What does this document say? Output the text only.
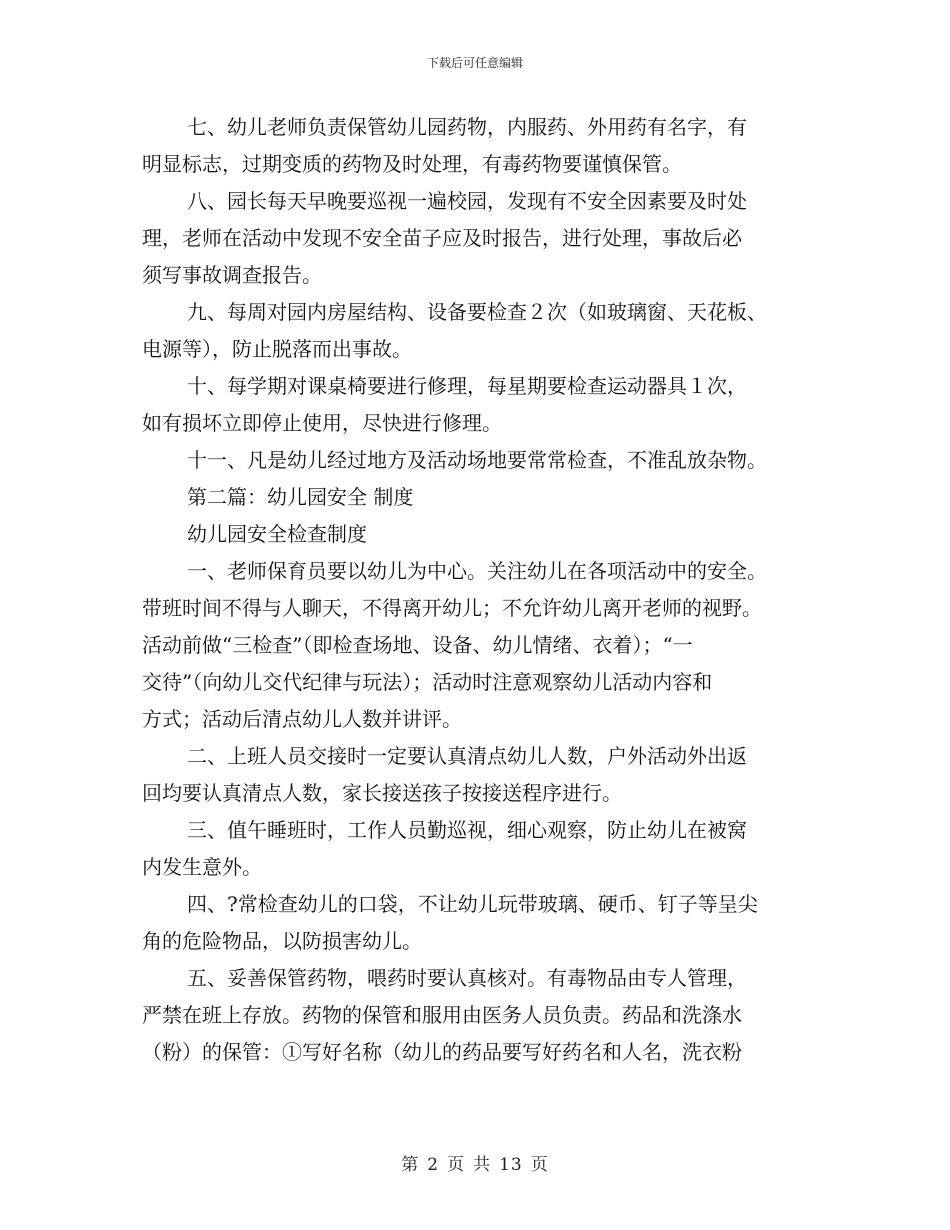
下载后可任意编辑
七、幼儿老师负责保管幼儿园药物，内服药、外用药有名字，有
明显标志，过期变质的药物及时处理，有毒药物要谨慎保管。
八、园长每天早晚要巡视一遍校园，发现有不安全因素要及时处
理，老师在活动中发现不安全苗子应及时报告，进行处理，事故后必
须写事故调查报告。
九、每周对园内房屋结构、设备要检查２次（如玻璃窗、天花板、
电源等），防止脱落而出事故。
十、每学期对课桌椅要进行修理，每星期要检查运动器具１次，
如有损坏立即停止使用，尽快进行修理。
十一、凡是幼儿经过地方及活动场地要常常检查，不准乱放杂物。
第二篇：幼儿园安全 制度
幼儿园安全检查制度
一、老师保育员要以幼儿为中心。关注幼儿在各项活动中的安全。
带班时间不得与人聊天，不得离开幼儿；不允许幼儿离开老师的视野。
活动前做“三检查”（即检查场地、设备、幼儿情绪、衣着）；“一
交待”（向幼儿交代纪律与玩法）；活动时注意观察幼儿活动内容和
方式；活动后清点幼儿人数并讲评。
二、上班人员交接时一定要认真清点幼儿人数，户外活动外出返
回均要认真清点人数，家长接送孩子按接送程序进行。
三、值午睡班时，工作人员勤巡视，细心观察，防止幼儿在被窝
内发生意外。
四、?常检查幼儿的口袋，不让幼儿玩带玻璃、硬币、钉子等呈尖
角的危险物品，以防损害幼儿。
五、妥善保管药物，喂药时要认真核对。有毒物品由专人管理，
严禁在班上存放。药物的保管和服用由医务人员负责。药品和洗涤水
（粉）的保管：①写好名称（幼儿的药品要写好药名和人名，洗衣粉
第 2 页 共 13 页
